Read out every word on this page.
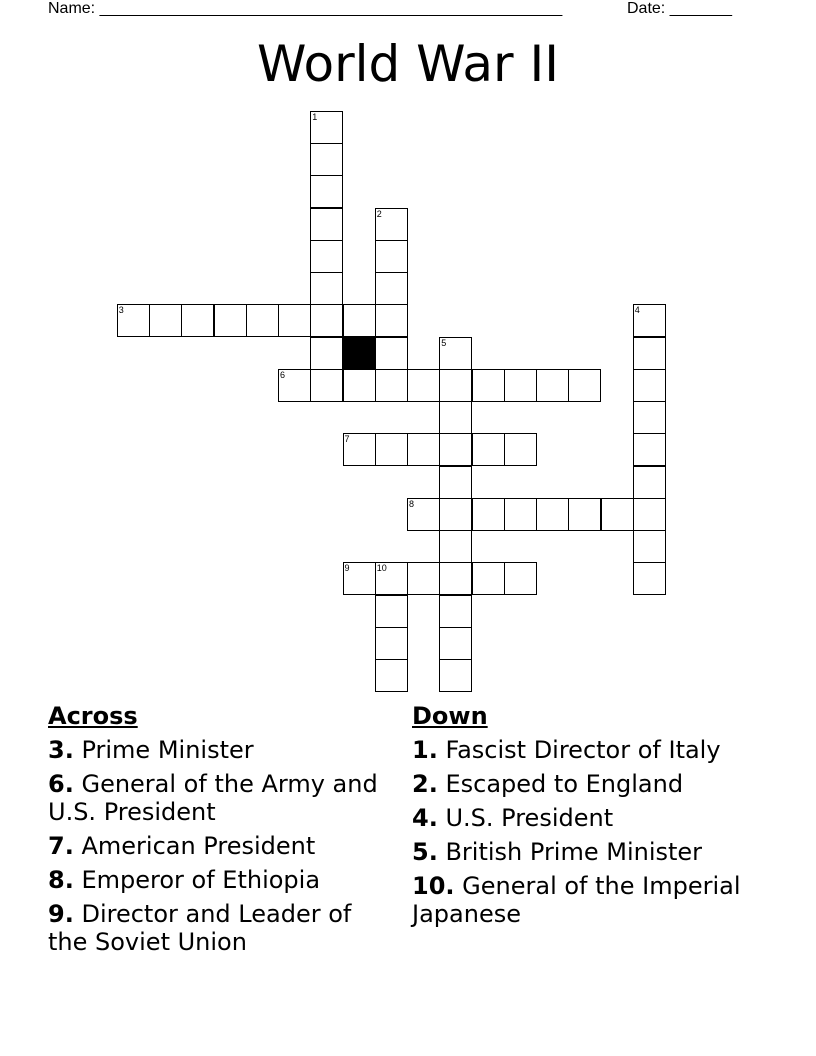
Name: ____________________________________________________	Date: _______
World War II
1
2
3	4
5
6
7
8
9	10
Across
3. Prime Minister
6. General of the Army and U.S. President
7. American President
8. Emperor of Ethiopia
9. Director and Leader of the Soviet Union
Down
1. Fascist Director of Italy
2. Escaped to England
4. U.S. President
5. British Prime Minister
10. General of the Imperial Japanese
